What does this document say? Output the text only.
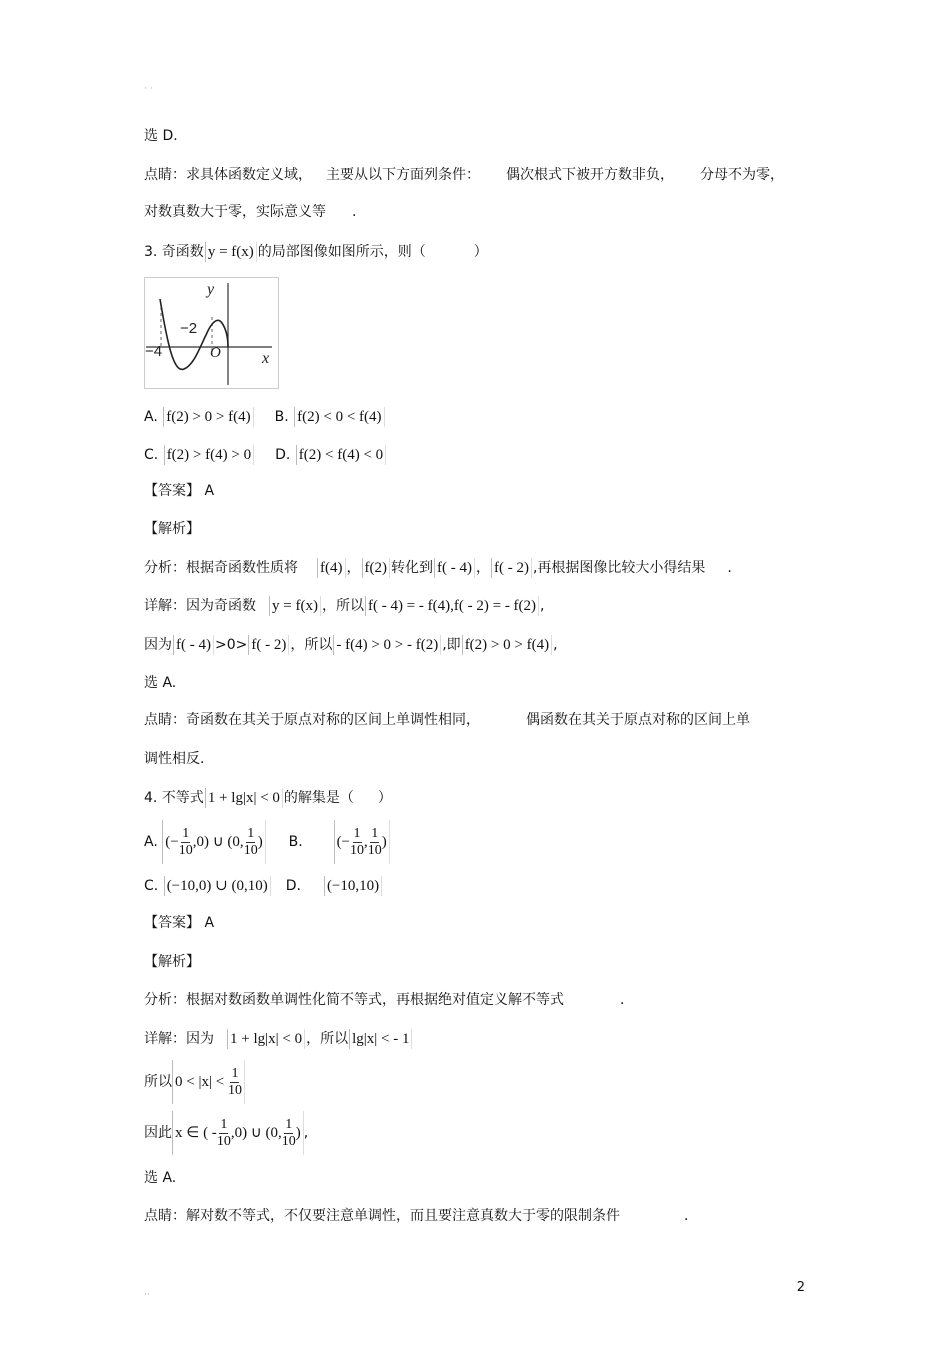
· ·
选 D.
点睛：求具体函数定义域， 主要从以下方面列条件： 偶次根式下被开方数非负， 分母不为零，
对数真数大于零，实际意义等 .
3. 奇函数 y = f(x) 的局部图像如图所示，则（	）
y
x
−4
−2
O
A. f(2) > 0 > f(4) B. f(2) < 0 < f(4)
C. f(2) > f(4) > 0 D. f(2) < f(4) < 0
【答案】 A
【解析】
分析：根据奇函数性质将 f(4) ， f(2) 转化到 f( - 4) ， f( - 2) ,再根据图像比较大小得结果 .
详解：因为奇函数 y = f(x) ，所以 f( - 4) = - f(4),f( - 2) = - f(2) ,
因为 f( - 4) >0> f( - 2) ，所以- f(4) > 0 > - f(2) ,即 f(2) > 0 > f(4) ,
选 A.
点睛：奇函数在其关于原点对称的区间上单调性相同，	偶函数在其关于原点对称的区间上单
调性相反.
4. 不等式 1 + lg|x| < 0 的解集是（ ）
A. (− $\frac{1}{10} ,0$) ∪ (0, $\frac{1}{10}$ ) B. (− $\frac{1}{10}$ , $\frac{1}{10}$ )
C. (−10,0) ∪ (0,10) D. (−10,10)
【答案】 A
【解析】
分析：根据对数函数单调性化简不等式，再根据绝对值定义解不等式	.
详解：因为 1 + lg|x| < 0 ，所以 lg|x| < - 1
所以 0 < |x| <
$\frac{1}{10}$
因此 x ∈ ( - $\frac{1}{10} ,0$) ∪ (0, $\frac{1}{10}$ ) ,
选 A.
点睛：解对数不等式，不仅要注意单调性，而且要注意真数大于零的限制条件	.
··	2
